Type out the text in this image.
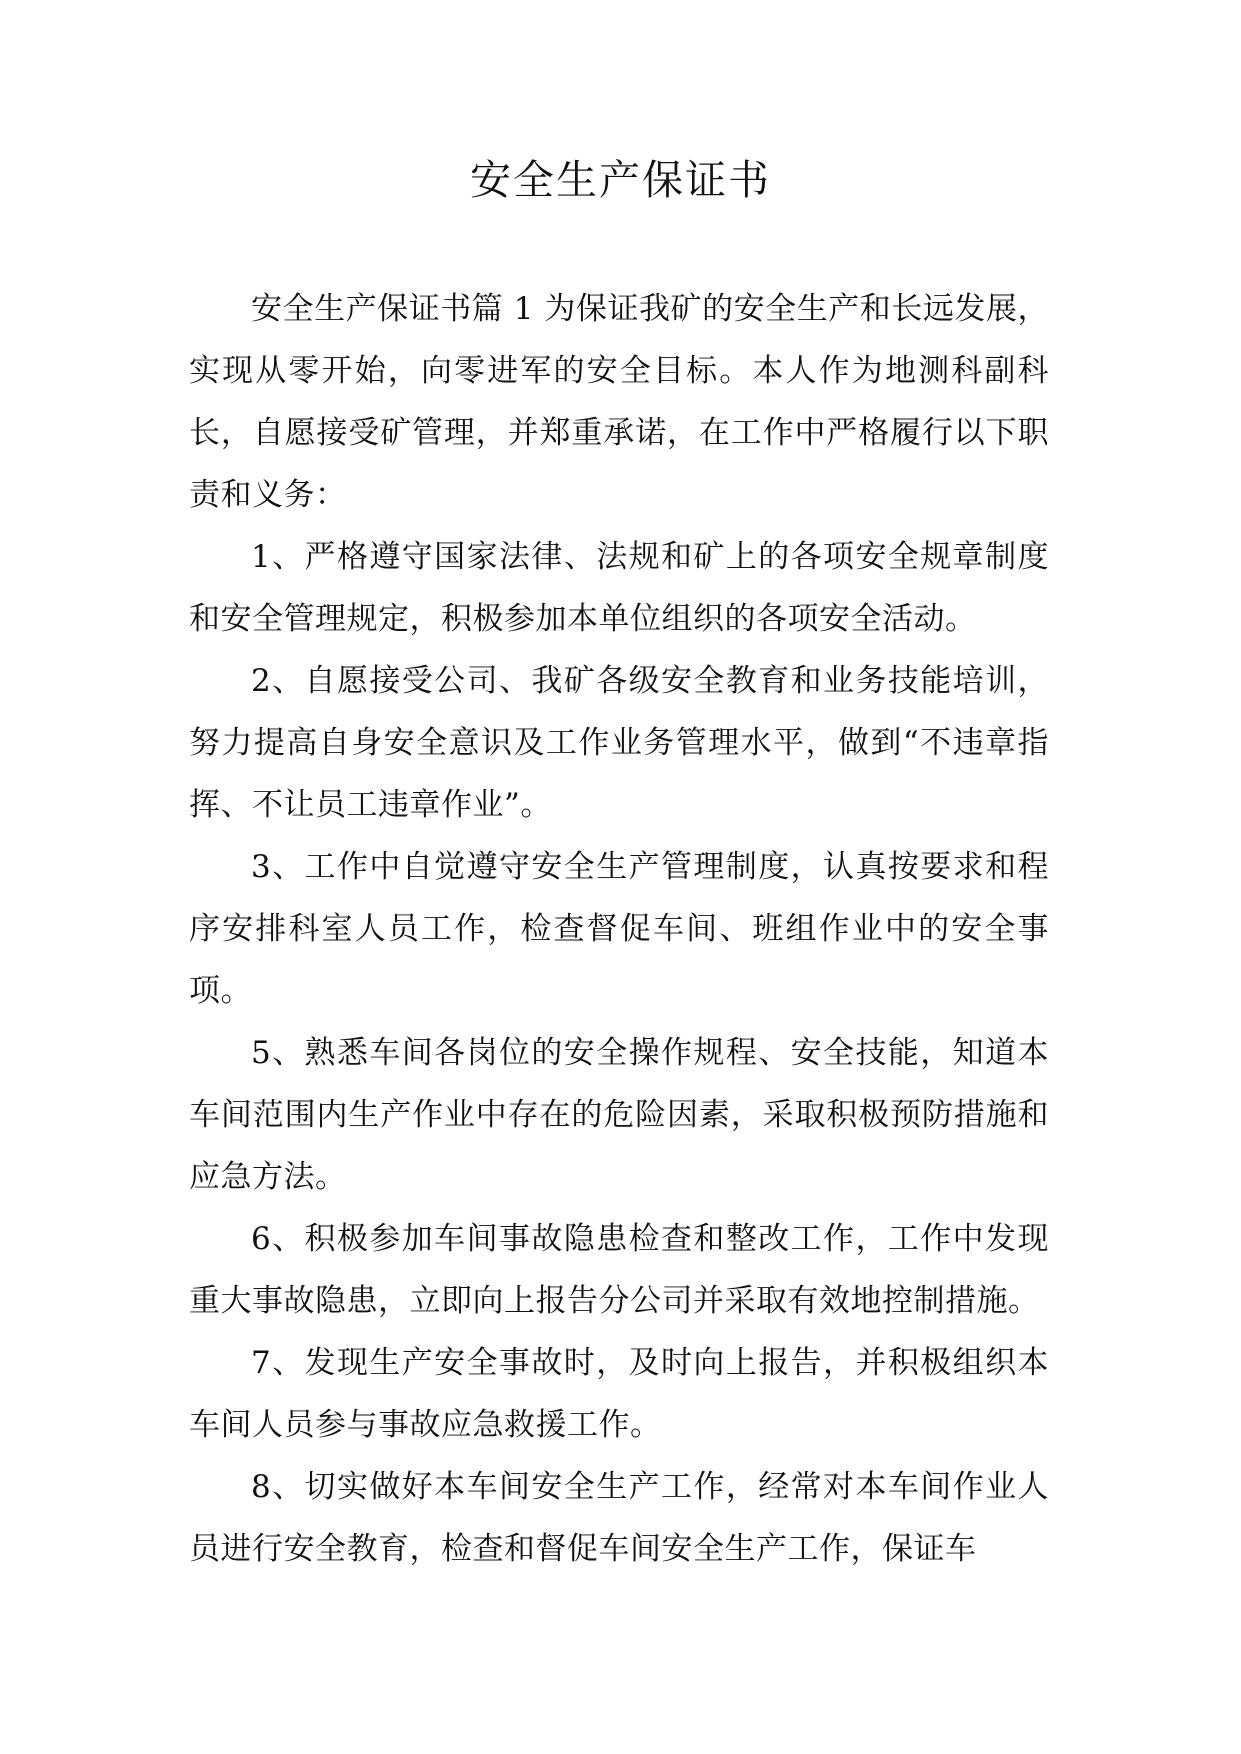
安全生产保证书

安全生产保证书篇 1 为保证我矿的安全生产和长远发展，实现从零开始，向零进军的安全目标。本人作为地测科副科长，自愿接受矿管理，并郑重承诺，在工作中严格履行以下职责和义务：

1、严格遵守国家法律、法规和矿上的各项安全规章制度和安全管理规定，积极参加本单位组织的各项安全活动。

2、自愿接受公司、我矿各级安全教育和业务技能培训，努力提高自身安全意识及工作业务管理水平，做到“不违章指挥、不让员工违章作业”。

3、工作中自觉遵守安全生产管理制度，认真按要求和程序安排科室人员工作，检查督促车间、班组作业中的安全事项。

5、熟悉车间各岗位的安全操作规程、安全技能，知道本车间范围内生产作业中存在的危险因素，采取积极预防措施和应急方法。

6、积极参加车间事故隐患检查和整改工作，工作中发现重大事故隐患，立即向上报告分公司并采取有效地控制措施。

7、发现生产安全事故时，及时向上报告，并积极组织本车间人员参与事故应急救援工作。

8、切实做好本车间安全生产工作，经常对本车间作业人员进行安全教育，检查和督促车间安全生产工作，保证车
